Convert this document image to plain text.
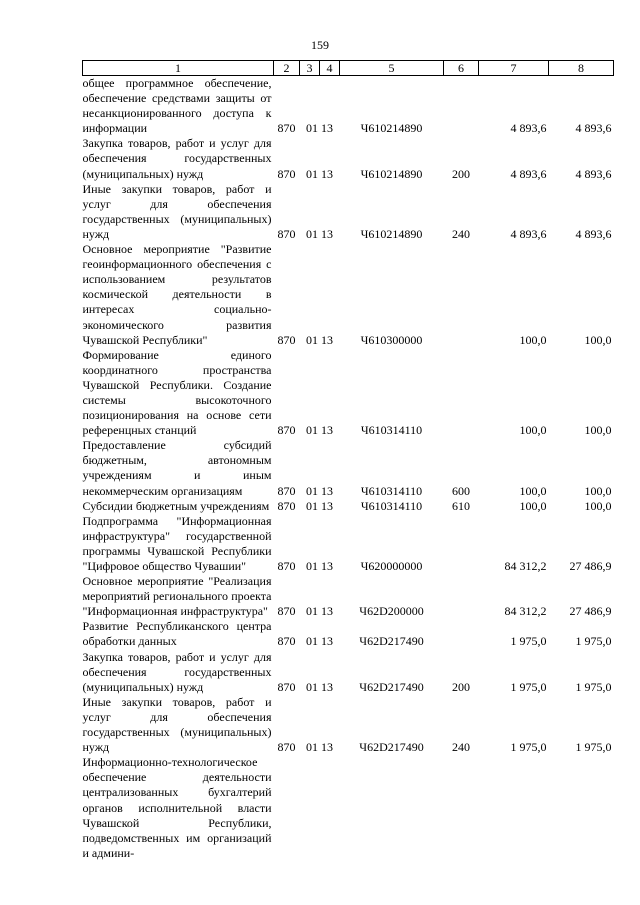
159
1	2	3	4	5	6	7	8
общее программное обеспечение, обеспечение средствами защиты от несанкционированного доступа к информации	870	01 13		Ч610214890		4 893,6	4 893,6
Закупка товаров, работ и услуг для обеспечения государственных (муниципальных) нужд	870	01 13		Ч610214890	200	4 893,6	4 893,6
Иные закупки товаров, работ и услуг для обеспечения государственных (муниципальных) нужд	870	01 13		Ч610214890	240	4 893,6	4 893,6
Основное мероприятие "Развитие геоинформационного обеспечения с использованием результатов космической деятельности в интересах социально-экономического развития Чувашской Республики"	870	01 13		Ч610300000		100,0	100,0
Формирование единого координатного пространства Чувашской Республики. Создание системы высокоточного позиционирования на основе сети референцных станций	870	01 13		Ч610314110		100,0	100,0
Предоставление субсидий бюджетным, автономным учреждениям и иным некоммерческим организациям	870	01 13		Ч610314110	600	100,0	100,0
Субсидии бюджетным учреждениям	870	01 13		Ч610314110	610	100,0	100,0
Подпрограмма "Информационная инфраструктура" государственной программы Чувашской Республики "Цифровое общество Чувашии"	870	01 13		Ч620000000		84 312,2	27 486,9
Основное мероприятие "Реализация мероприятий регионального проекта "Информационная инфраструктура"	870	01 13		Ч62D200000		84 312,2	27 486,9
Развитие Республиканского центра обработки данных	870	01 13		Ч62D217490		1 975,0	1 975,0
Закупка товаров, работ и услуг для обеспечения государственных (муниципальных) нужд	870	01 13		Ч62D217490	200	1 975,0	1 975,0
Иные закупки товаров, работ и услуг для обеспечения государственных (муниципальных) нужд	870	01 13		Ч62D217490	240	1 975,0	1 975,0
Информационно-технологическое обеспечение деятельности централизованных бухгалтерий органов исполнительной власти Чувашской Республики, подведомственных им организаций и админи-							
